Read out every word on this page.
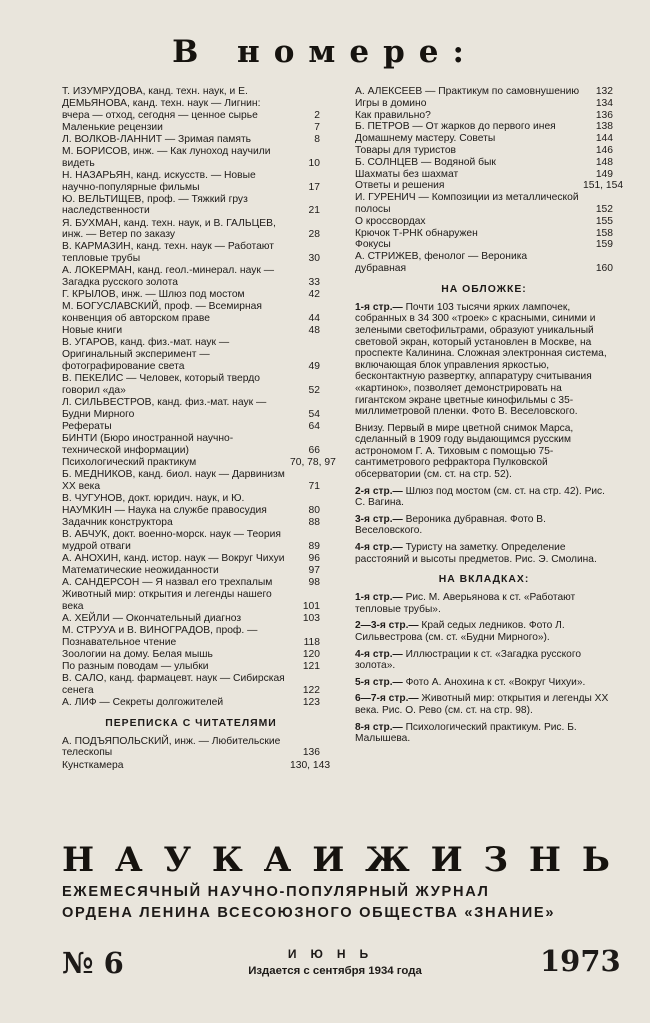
В номере:
Т. ИЗУМРУДОВА, канд. техн. наук, и Е. ДЕМЬЯНОВА, канд. техн. наук — Лигнин: вчера — отход, сегодня — ценное сырье	2
Маленькие рецензии	7
Л. ВОЛКОВ-ЛАННИТ — Зримая память	8
М. БОРИСОВ, инж. — Как луноход научили видеть	10
Н. НАЗАРЬЯН, канд. искусств. — Новые научно-популярные фильмы	17
Ю. ВЕЛЬТИЩЕВ, проф. — Тяжкий груз наследственности	21
Я. БУХМАН, канд. техн. наук, и В. ГАЛЬЦЕВ, инж. — Ветер по заказу	28
В. КАРМАЗИН, канд. техн. наук — Работают тепловые трубы	30
А. ЛОКЕРМАН, канд. геол.-минерал. наук — Загадка русского золота	33
Г. КРЫЛОВ, инж. — Шлюз под мостом	42
М. БОГУСЛАВСКИЙ, проф. — Всемирная конвенция об авторском праве	44
Новые книги	48
В. УГАРОВ, канд. физ.-мат. наук — Оригинальный эксперимент — фотографирование света	49
В. ПЕКЕЛИС — Человек, который твердо говорил «да»	52
Л. СИЛЬВЕСТРОВ, канд. физ.-мат. наук — Будни Мирного	54
Рефераты	64
БИНТИ (Бюро иностранной научно-технической информации)	66
Психологический практикум	70, 78, 97
Б. МЕДНИКОВ, канд. биол. наук — Дарвинизм XX века	71
В. ЧУГУНОВ, докт. юридич. наук, и Ю. НАУМКИН — Наука на службе правосудия	80
Задачник конструктора	88
В. АБЧУК, докт. военно-морск. наук — Теория мудрой отваги	89
А. АНОХИН, канд. истор. наук — Вокруг Чихуи	96
Математические неожиданности	97
А. САНДЕРСОН — Я назвал его трехпалым	98
Животный мир: открытия и легенды нашего века	101
А. ХЕЙЛИ — Окончательный диагноз	103
М. СТРУУА и В. ВИНОГРАДОВ, проф. — Познавательное чтение	118
Зоологии на дому. Белая мышь	120
По разным поводам — улыбки	121
В. САЛО, канд. фармацевт. наук — Сибирская сенега	122
А. ЛИФ — Секреты долгожителей	123
ПЕРЕПИСКА С ЧИТАТЕЛЯМИ
А. ПОДЪЯПОЛЬСКИЙ, инж. — Любительские телескопы	136
Кунсткамера	130, 143
А. АЛЕКСЕЕВ — Практикум по самовнушению	132
Игры в домино	134
Как правильно?	136
Б. ПЕТРОВ — От жарков до первого инея	138
Домашнему мастеру. Советы	144
Товары для туристов	146
Б. СОЛНЦЕВ — Водяной бык	148
Шахматы без шахмат	149
Ответы и решения	151, 154
И. ГУРЕНИЧ — Композиции из металлической полосы	152
О кроссвордах	155
Крючок Т-РНК обнаружен	158
Фокусы	159
А. СТРИЖЕВ, фенолог — Вероника дубравная	160
НА ОБЛОЖКЕ:
1-я стр.— Почти 103 тысячи ярких лампочек, собранных в 34 300 «троек» с красными, синими и зелеными светофильтрами, образуют уникальный световой экран, который установлен в Москве, на проспекте Калинина. Сложная электронная система, включающая блок управления яркостью, бесконтактную развертку, аппаратуру считывания «картинок», позволяет демонстрировать на гигантском экране цветные кинофильмы с 35-миллиметровой пленки. Фото В. Веселовского.
Внизу. Первый в мире цветной снимок Марса, сделанный в 1909 году выдающимся русским астрономом Г. А. Тиховым с помощью 75-сантиметрового рефрактора Пулковской обсерватории (см. ст. на стр. 52).
2-я стр.— Шлюз под мостом (см. ст. на стр. 42). Рис. С. Вагина.
3-я стр.— Вероника дубравная. Фото В. Веселовского.
4-я стр.— Туристу на заметку. Определение расстояний и высоты предметов. Рис. Э. Смолина.
НА ВКЛАДКАХ:
1-я стр.— Рис. М. Аверьянова к ст. «Работают тепловые трубы».
2—3-я стр.— Край седых ледников. Фото Л. Сильвестрова (см. ст. «Будни Мирного»).
4-я стр.— Иллюстрации к ст. «Загадка русского золота».
5-я стр.— Фото А. Анохина к ст. «Вокруг Чихуи».
6—7-я стр.— Животный мир: открытия и легенды XX века. Рис. О. Рево (см. ст. на стр. 98).
8-я стр.— Психологический практикум. Рис. Б. Малышева.
Н А У К А И Ж И З Н Ь
ЕЖЕМЕСЯЧНЫЙ НАУЧНО-ПОПУЛЯРНЫЙ ЖУРНАЛ
ОРДЕНА ЛЕНИНА ВСЕСОЮЗНОГО ОБЩЕСТВА «ЗНАНИЕ»
№ 6	ИЮНЬ
Издается с сентября 1934 года	1973
